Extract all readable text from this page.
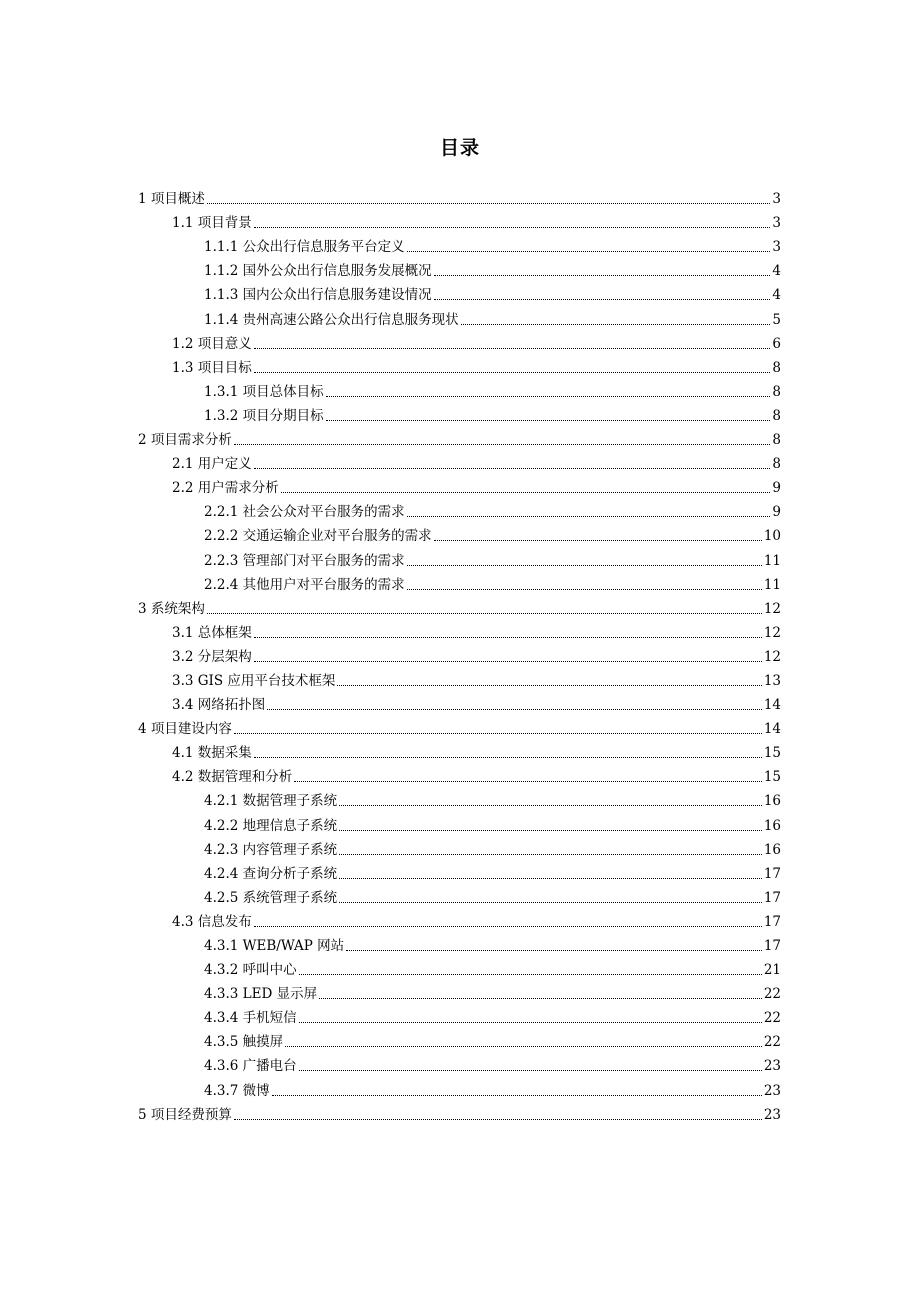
目录
1 项目概述	3
1.1 项目背景	3
1.1.1 公众出行信息服务平台定义	3
1.1.2 国外公众出行信息服务发展概况	4
1.1.3 国内公众出行信息服务建设情况	4
1.1.4 贵州高速公路公众出行信息服务现状	5
1.2 项目意义	6
1.3 项目目标	8
1.3.1 项目总体目标	8
1.3.2 项目分期目标	8
2 项目需求分析	8
2.1 用户定义	8
2.2 用户需求分析	9
2.2.1 社会公众对平台服务的需求	9
2.2.2 交通运输企业对平台服务的需求	10
2.2.3 管理部门对平台服务的需求	11
2.2.4 其他用户对平台服务的需求	11
3 系统架构	12
3.1 总体框架	12
3.2 分层架构	12
3.3 GIS 应用平台技术框架	13
3.4 网络拓扑图	14
4 项目建设内容	14
4.1 数据采集	15
4.2 数据管理和分析	15
4.2.1 数据管理子系统	16
4.2.2 地理信息子系统	16
4.2.3 内容管理子系统	16
4.2.4 查询分析子系统	17
4.2.5 系统管理子系统	17
4.3 信息发布	17
4.3.1 WEB/WAP 网站	17
4.3.2 呼叫中心	21
4.3.3 LED 显示屏	22
4.3.4 手机短信	22
4.3.5 触摸屏	22
4.3.6 广播电台	23
4.3.7 微博	23
5 项目经费预算	23
